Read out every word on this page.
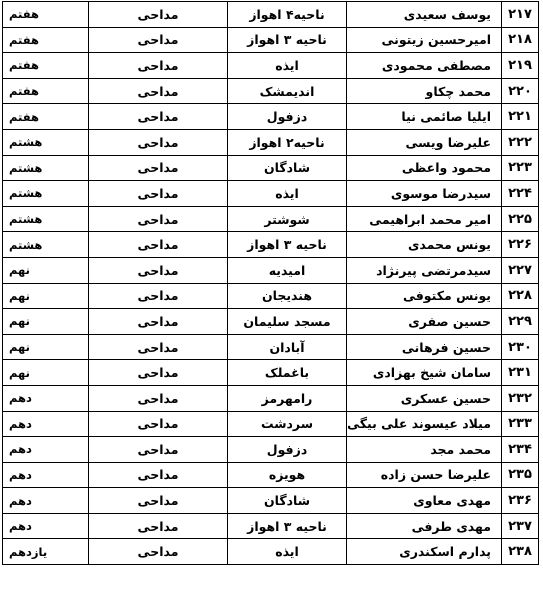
۲۱۷	یوسف سعیدی	ناحیه۴ اهواز	مداحی	هفتم
۲۱۸	امیرحسین زیتونی	ناحیه ۳ اهواز	مداحی	هفتم
۲۱۹	مصطفی محمودی	ایذه	مداحی	هفتم
۲۲۰	محمد چکاو	اندیمشک	مداحی	هفتم
۲۲۱	ایلیا صائمی نیا	دزفول	مداحی	هفتم
۲۲۲	علیرضا ویسی	ناحیه۲ اهواز	مداحی	هشتم
۲۲۳	محمود واعظی	شادگان	مداحی	هشتم
۲۲۴	سیدرضا موسوی	ایذه	مداحی	هشتم
۲۲۵	امیر محمد ابراهیمی	شوشتر	مداحی	هشتم
۲۲۶	یونس محمدی	ناحیه ۳ اهواز	مداحی	هشتم
۲۲۷	سیدمرتضی پیرنژاد	امیدیه	مداحی	نهم
۲۲۸	یونس مکتوفی	هندیجان	مداحی	نهم
۲۲۹	حسین صفری	مسجد سلیمان	مداحی	نهم
۲۳۰	حسین فرهانی	آبادان	مداحی	نهم
۲۳۱	سامان شیخ بهزادی	باغملک	مداحی	نهم
۲۳۲	حسین عسکری	رامهرمز	مداحی	دهم
۲۳۳	میلاد عیسوند علی بیگی	سردشت	مداحی	دهم
۲۳۴	محمد مجد	دزفول	مداحی	دهم
۲۳۵	علیرضا حسن زاده	هویزه	مداحی	دهم
۲۳۶	مهدی معاوی	شادگان	مداحی	دهم
۲۳۷	مهدی طرفی	ناحیه ۳ اهواز	مداحی	دهم
۲۳۸	پدارم اسکندری	ایذه	مداحی	یازدهم
